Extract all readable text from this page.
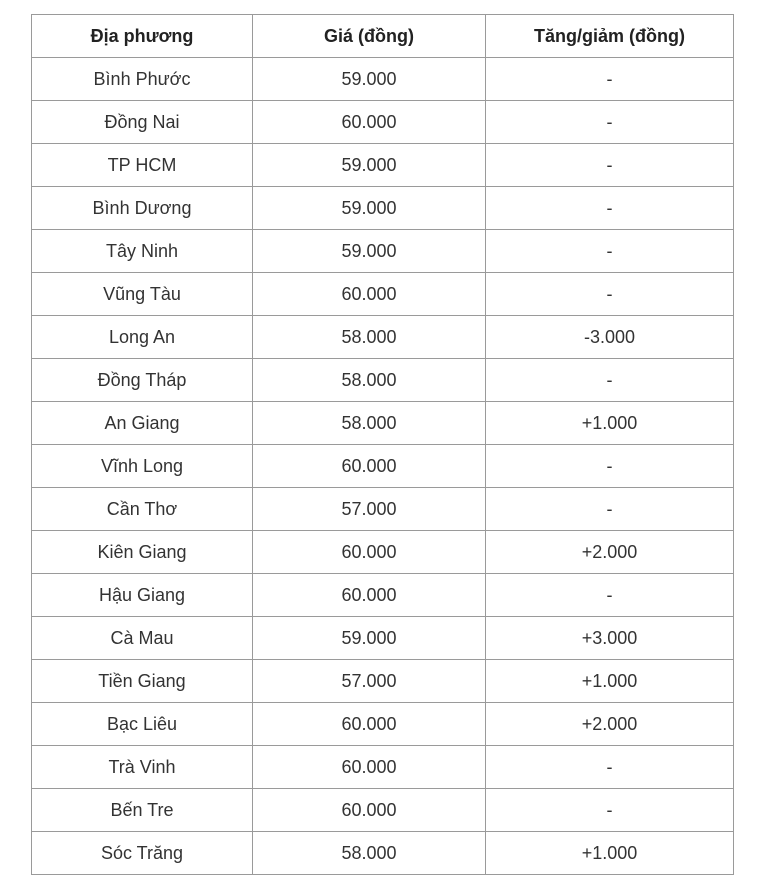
Địa phương	Giá (đồng)	Tăng/giảm (đồng)
Bình Phước	59.000	-
Đồng Nai	60.000	-
TP HCM	59.000	-
Bình Dương	59.000	-
Tây Ninh	59.000	-
Vũng Tàu	60.000	-
Long An	58.000	-3.000
Đồng Tháp	58.000	-
An Giang	58.000	+1.000
Vĩnh Long	60.000	-
Cần Thơ	57.000	-
Kiên Giang	60.000	+2.000
Hậu Giang	60.000	-
Cà Mau	59.000	+3.000
Tiền Giang	57.000	+1.000
Bạc Liêu	60.000	+2.000
Trà Vinh	60.000	-
Bến Tre	60.000	-
Sóc Trăng	58.000	+1.000
